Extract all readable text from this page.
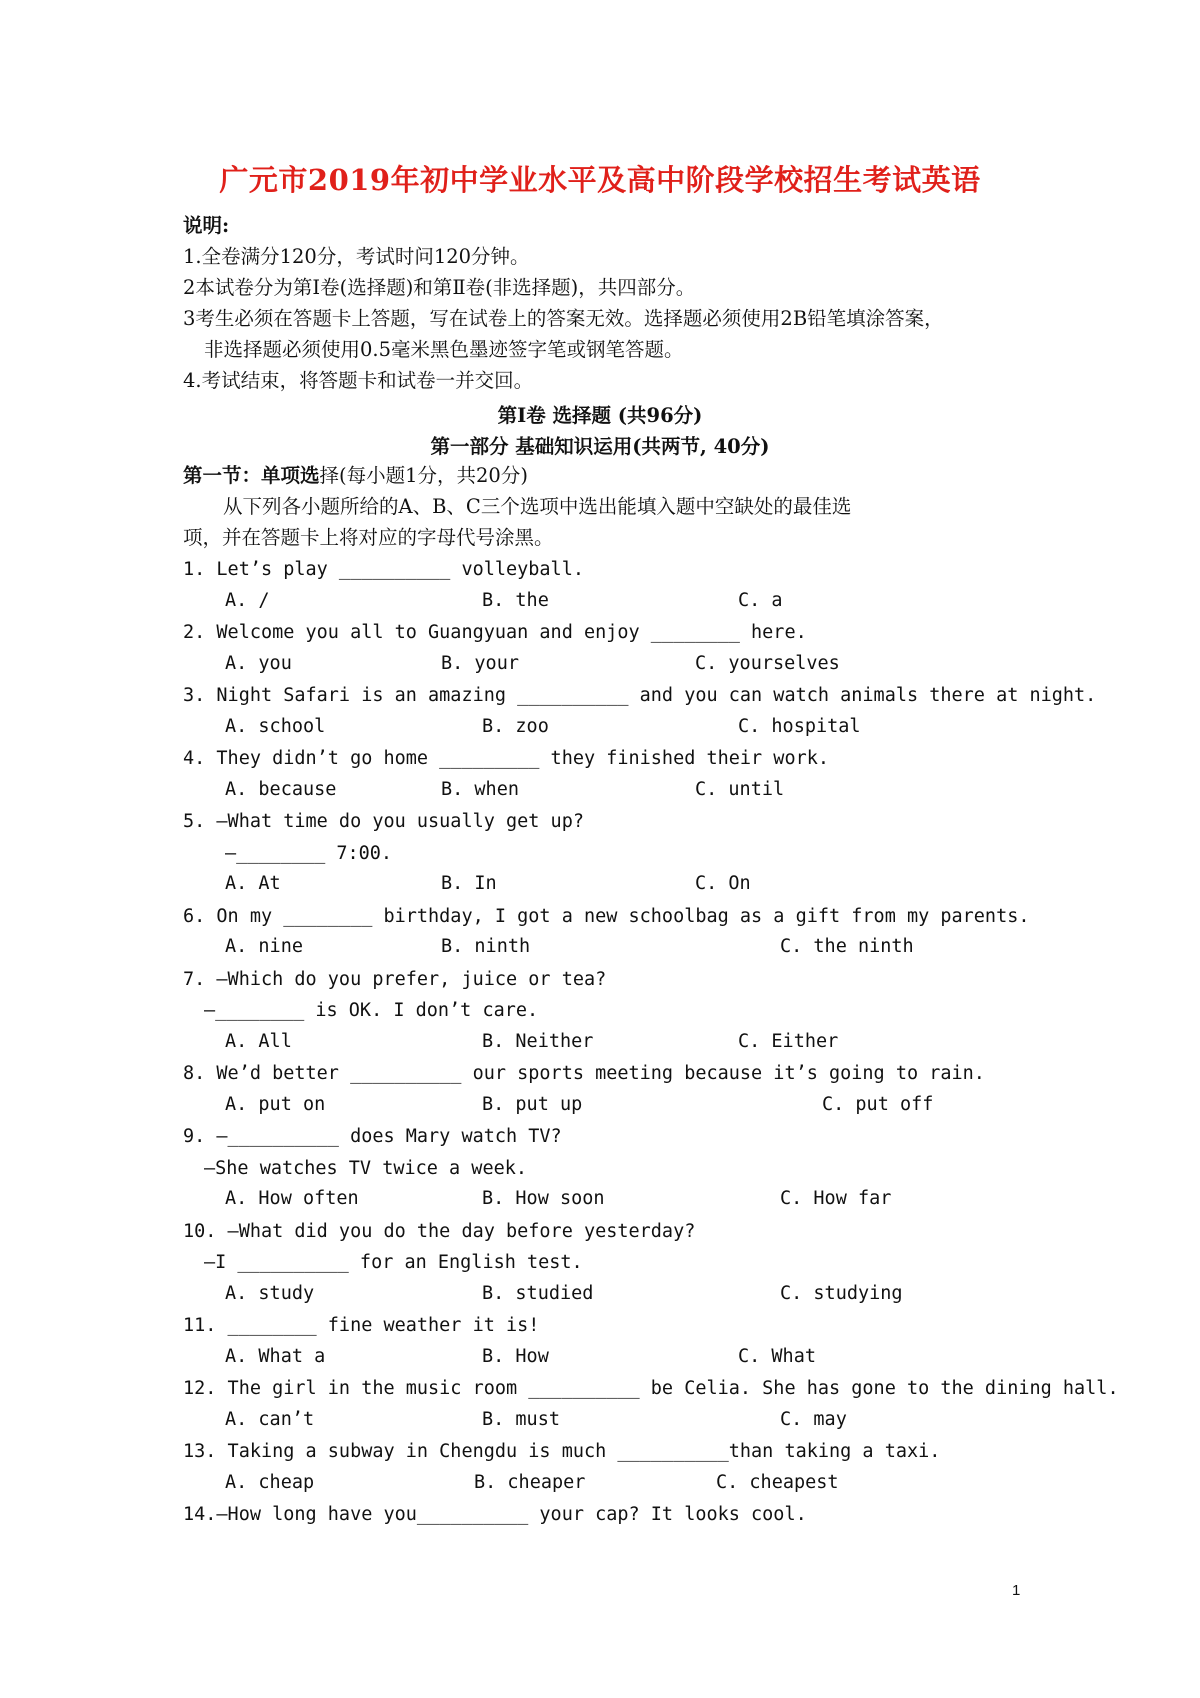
广元市2019年初中学业水平及高中阶段学校招生考试英语
说明:
1.全卷满分120分，考试时问120分钟。
2本试卷分为第Ⅰ卷(选择题)和第Ⅱ卷(非选择题)，共四部分。
3考生必须在答题卡上答题，写在试卷上的答案无效。选择题必须使用2B铅笔填涂答案，
非选择题必须使用0.5毫米黑色墨迹签字笔或钢笔答题。
4.考试结束，将答题卡和试卷一并交回。
第Ⅰ卷 选择题 (共96分)
第一部分 基础知识运用(共两节, 40分)
第一节：单项选择(每小题1分，共20分)
从下列各小题所给的A、B、C三个选项中选出能填入题中空缺处的最佳选
项，并在答题卡上将对应的字母代号涂黑。
1. Let’s play __________ volleyball.
A. /	B. the	C. a
2. Welcome you all to Guangyuan and enjoy ________ here.
A. you	B. your	C. yourselves
3. Night Safari is an amazing __________ and you can watch animals there at night.
A. school	B. zoo	C. hospital
4. They didn’t go home _________ they finished their work.
A. because	B. when	C. until
5. —What time do you usually get up?
—________ 7:00.
A. At	B. In	C. On
6. On my ________ birthday, I got a new schoolbag as a gift from my parents.
A. nine	B. ninth	C. the ninth
7. —Which do you prefer, juice or tea?
—________ is OK. I don’t care.
A. All	B. Neither	C. Either
8. We’d better __________ our sports meeting because it’s going to rain.
A. put on	B. put up	C. put off
9. —__________ does Mary watch TV?
—She watches TV twice a week.
A. How often	B. How soon	C. How far
10. —What did you do the day before yesterday?
—I __________ for an English test.
A. study	B. studied	C. studying
11. ________ fine weather it is!
A. What a	B. How	C. What
12. The girl in the music room __________ be Celia. She has gone to the dining hall.
A. can’t	B. must	C. may
13. Taking a subway in Chengdu is much __________than taking a taxi.
A. cheap	B. cheaper	C. cheapest
14.—How long have you__________ your cap? It looks cool.
1
